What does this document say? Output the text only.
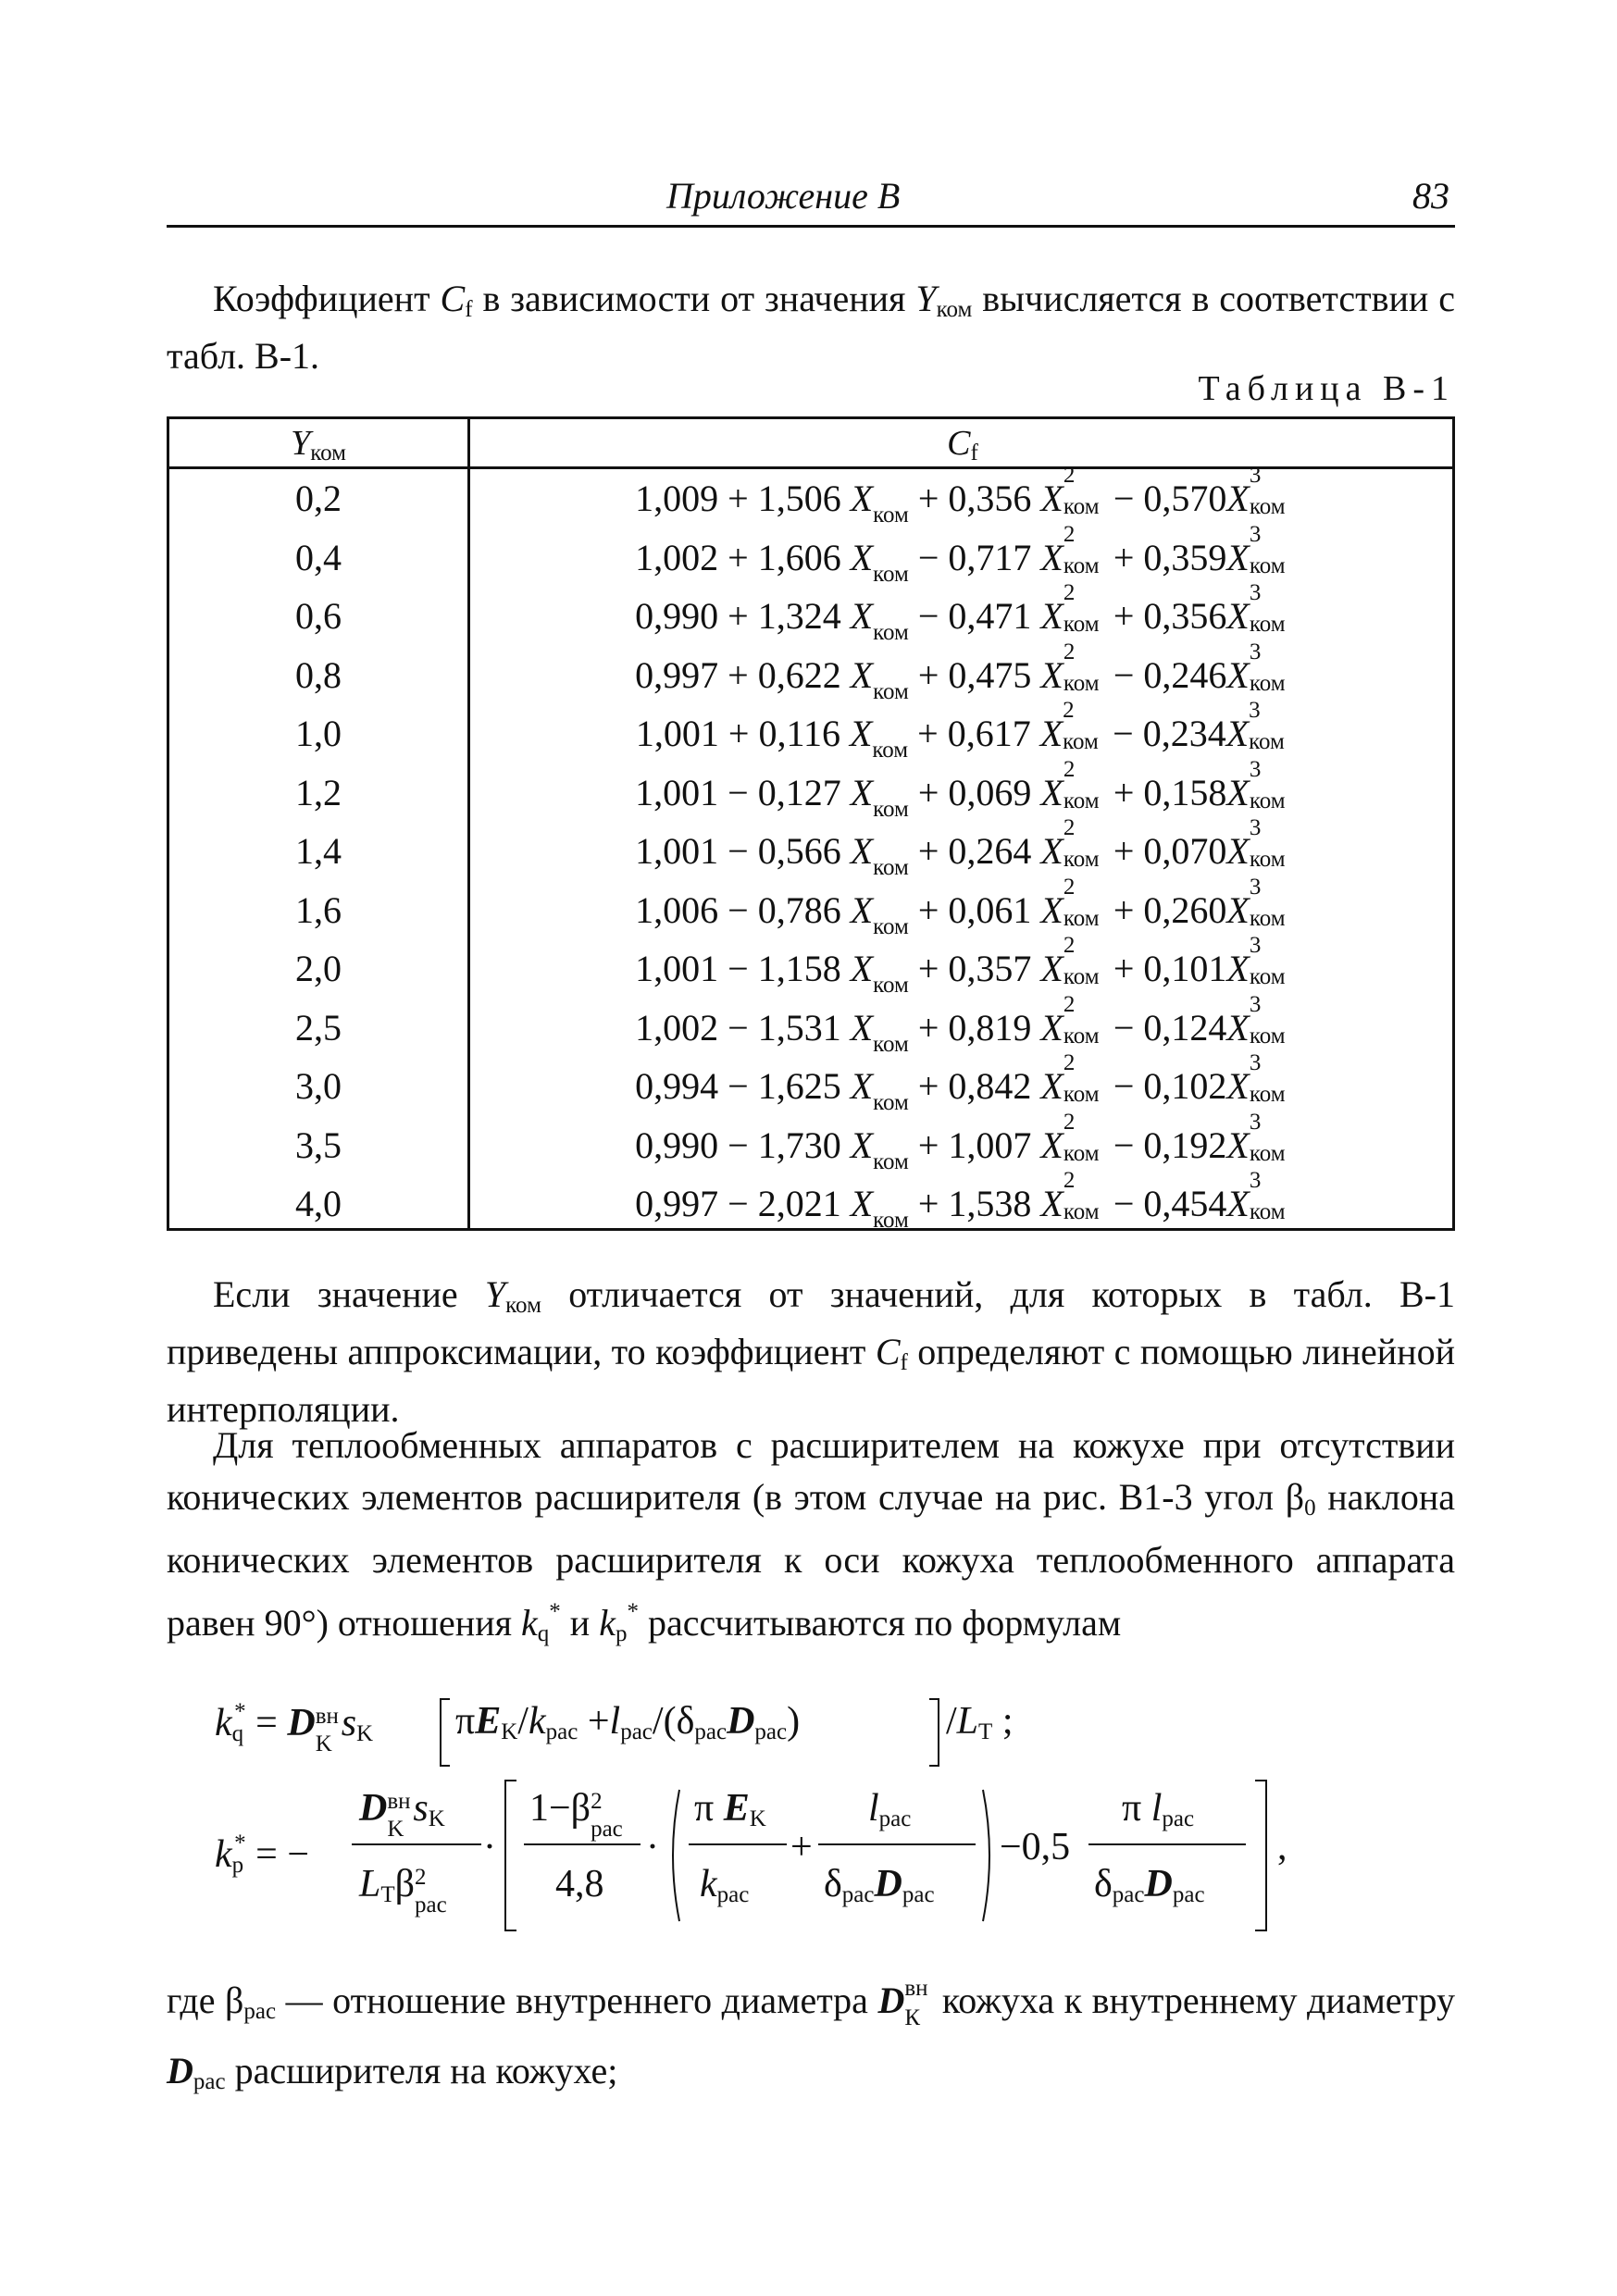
Приложение В	83
Коэффициент $C_f$ в зависимости от значения $Y_{ком}$ вычисляется в соответствии с табл. В-1.
Таблица В-1
$Y_{ком}$	$C_f$
0,2	1,009 + 1,506 $X_{ком} + 0,356$ X
2
ком − 0,570X
3
ком
0,4	1,002 + 1,606 $X_{ком} - 0,717$ X
2
ком + 0,359X
3
ком
0,6	0,990 + 1,324 $X_{ком} - 0,471$ X
2
ком + 0,356X
3
ком
0,8	0,997 + 0,622 $X_{ком} + 0,475$ X
2
ком − 0,246X
3
ком
1,0	1,001 + 0,116 $X_{ком} + 0,617$ X
2
ком − 0,234X
3
ком
1,2	1,001 − 0,127 $X_{ком} + 0,069$ X
2
ком + 0,158X
3
ком
1,4	1,001 − 0,566 $X_{ком} + 0,264$ X
2
ком + 0,070X
3
ком
1,6	1,006 − 0,786 $X_{ком} + 0,061$ X
2
ком + 0,260X
3
ком
2,0	1,001 − 1,158 $X_{ком} + 0,357$ X
2
ком + 0,101X
3
ком
2,5	1,002 − 1,531 $X_{ком} + 0,819$ X
2
ком − 0,124X
3
ком
3,0	0,994 − 1,625 $X_{ком} + 0,842$ X
2
ком − 0,102X
3
ком
3,5	0,990 − 1,730 $X_{ком} + 1,007$ X
2
ком − 0,192X
3
ком
4,0	0,997 − 2,021 $X_{ком} + 1,538$ X
2
ком − 0,454X
3
ком
Если значение $Y_{ком}$ отличается от значений, для которых в табл. В-1 приведены аппроксимации, то коэффициент $C_f$ определяют с помощью линейной интерполяции.
Для теплообменных аппаратов с расширителем на кожухе при отсутствии конических элементов расширителя (в этом случае на рис. В1-3 угол $\beta_0$ наклона конических элементов расширителя к оси кожуха теплообменного аппарата равен 90°) отношения $k_q^*$ и $k_p^*$ рассчитываются по формулам
$k_q^* = D$ вн
K $s_K$ $\pi E_K/k_{рас} +l_{рас}/(\delta_{рас}D_{рас})$	$/L_Т$ ;
$k_p^*$ = −
D вн
K $s_K$
$L_Т\beta$ 2
рас
·
1−β 2
рас
4,8
·
π $E_K$
$k_{рас}$
+
$l_{рас}$
$\delta_{рас}D_{рас}$
−0,5
π $l_{рас}$
$\delta_{рас}D_{рас}$
,
где $\beta_{рас}$ — отношение внутреннего диаметра D вн
К кожуха к внутреннему диаметру $D_{рас}$ расширителя на кожухе;
